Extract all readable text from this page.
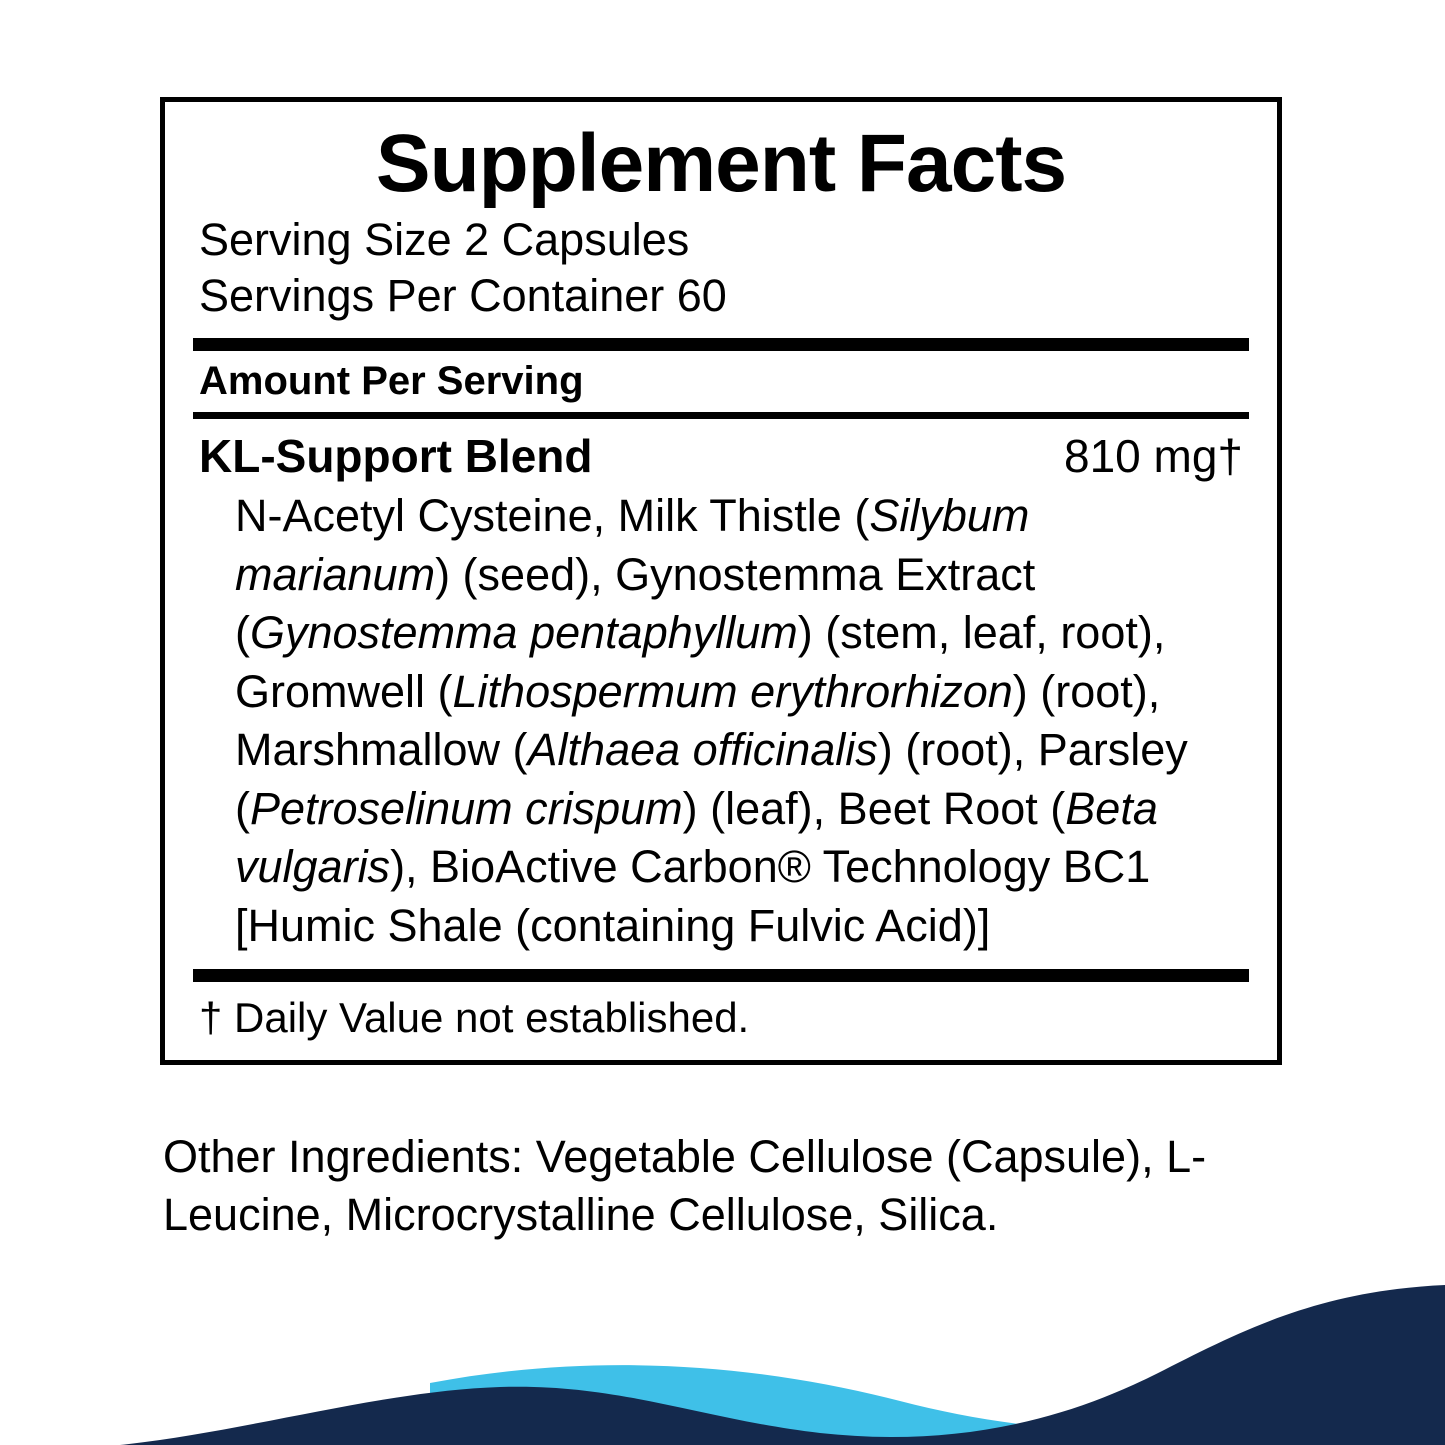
Supplement Facts
Serving Size 2 Capsules
Servings Per Container 60
Amount Per Serving
KL-Support Blend	810 mg†
N-Acetyl Cysteine, Milk Thistle (Silybum marianum) (seed), Gynostemma Extract (Gynostemma pentaphyllum) (stem, leaf, root), Gromwell (Lithospermum erythrorhizon) (root), Marshmallow (Althaea officinalis) (root), Parsley (Petroselinum crispum) (leaf), Beet Root (Beta vulgaris), BioActive Carbon® Technology BC1 [Humic Shale (containing Fulvic Acid)]
† Daily Value not established.
Other Ingredients: Vegetable Cellulose (Capsule), L-Leucine, Microcrystalline Cellulose, Silica.
